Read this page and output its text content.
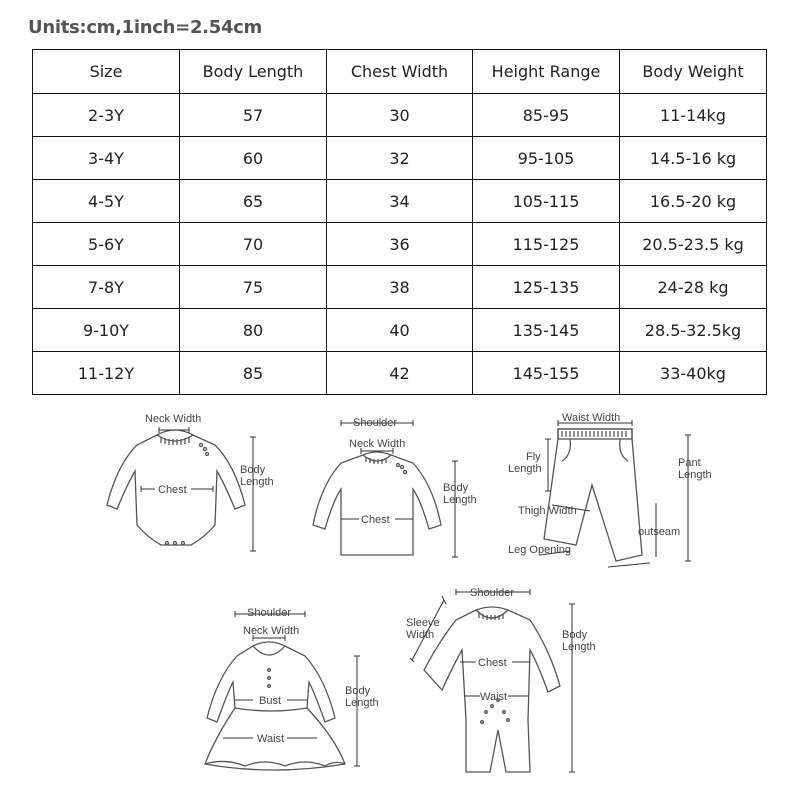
Units:cm,1inch=2.54cm
Size	Body Length	Chest Width	Height Range	Body Weight
2-3Y	57	30	85-95	11-14kg
3-4Y	60	32	95-105	14.5-16 kg
4-5Y	65	34	105-115	16.5-20 kg
5-6Y	70	36	115-125	20.5-23.5 kg
7-8Y	75	38	125-135	24-28 kg
9-10Y	80	40	135-145	28.5-32.5kg
11-12Y	85	42	145-155	33-40kg
Neck Width
Chest
Body
Length
Shoulder
Neck Width
Chest
Body
Length
Waist Width
Fly
Length	Pant
Length
Thigh Width
outseam
Leg Opening
Shoulder
Neck Width
Bust
Waist
Body
Length
Shoulder
Sleeve
Width
Chest
Waist
Body
Length
